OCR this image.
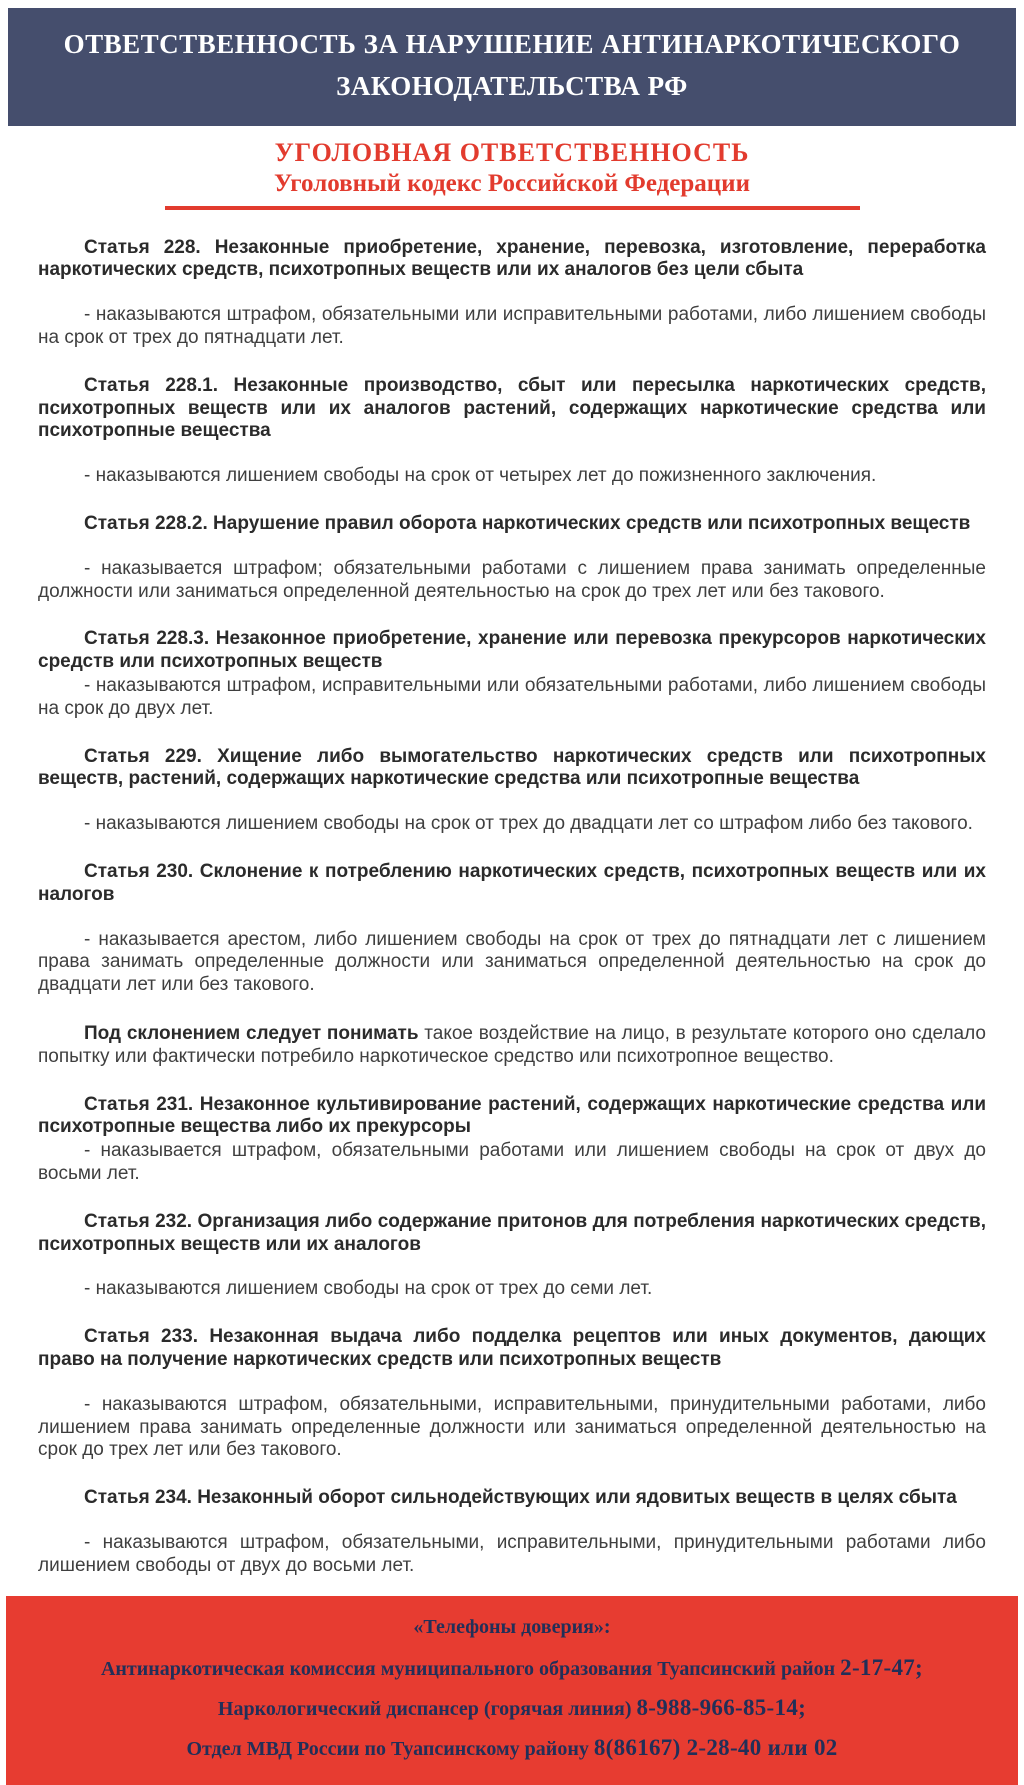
ОТВЕТСТВЕННОСТЬ ЗА НАРУШЕНИЕ АНТИНАРКОТИЧЕСКОГО
ЗАКОНОДАТЕЛЬСТВА РФ
УГОЛОВНАЯ ОТВЕТСТВЕННОСТЬ
Уголовный кодекс Российской Федерации

Статья 228. Незаконные приобретение, хранение, перевозка, изготовление, переработка наркотических средств, психотропных веществ или их аналогов без цели сбыта

- наказываются штрафом, обязательными или исправительными работами, либо лишением свободы на срок от трех до пятнадцати лет.

Статья 228.1. Незаконные производство, сбыт или пересылка наркотических средств, психотропных веществ или их аналогов растений, содержащих наркотические средства или психотропные вещества

- наказываются лишением свободы на срок от четырех лет до пожизненного заключения.

Статья 228.2. Нарушение правил оборота наркотических средств или психотропных веществ

- наказывается штрафом; обязательными работами с лишением права занимать определенные должности или заниматься определенной деятельностью на срок до трех лет или без такового.

Статья 228.3. Незаконное приобретение, хранение или перевозка прекурсоров наркотических средств или психотропных веществ

- наказываются штрафом, исправительными или обязательными работами, либо лишением свободы на срок до двух лет.

Статья 229. Хищение либо вымогательство наркотических средств или психотропных веществ, растений, содержащих наркотические средства или психотропные вещества

- наказываются лишением свободы на срок от трех до двадцати лет со штрафом либо без такового.

Статья 230. Склонение к потреблению наркотических средств, психотропных веществ или их налогов

- наказывается арестом, либо лишением свободы на срок от трех до пятнадцати лет с лишением права занимать определенные должности или заниматься определенной деятельностью на срок до двадцати лет или без такового.

Под склонением следует понимать такое воздействие на лицо, в результате которого оно сделало попытку или фактически потребило наркотическое средство или психотропное вещество.

Статья 231. Незаконное культивирование растений, содержащих наркотические средства или психотропные вещества либо их прекурсоры

- наказывается штрафом, обязательными работами или лишением свободы на срок от двух до восьми лет.

Статья 232. Организация либо содержание притонов для потребления наркотических средств, психотропных веществ или их аналогов

- наказываются лишением свободы на срок от трех до семи лет.

Статья 233. Незаконная выдача либо подделка рецептов или иных документов, дающих право на получение наркотических средств или психотропных веществ

- наказываются штрафом, обязательными, исправительными, принудительными работами, либо лишением права занимать определенные должности или заниматься определенной деятельностью на срок до трех лет или без такового.

Статья 234. Незаконный оборот сильнодействующих или ядовитых веществ в целях сбыта

- наказываются штрафом, обязательными, исправительными, принудительными работами либо лишением свободы от двух до восьми лет.

«Телефоны доверия»:
Антинаркотическая комиссия муниципального образования Туапсинский район 2-17-47;
Наркологический диспансер (горячая линия) 8-988-966-85-14;
Отдел МВД России по Туапсинскому району 8(86167) 2-28-40 или 02
